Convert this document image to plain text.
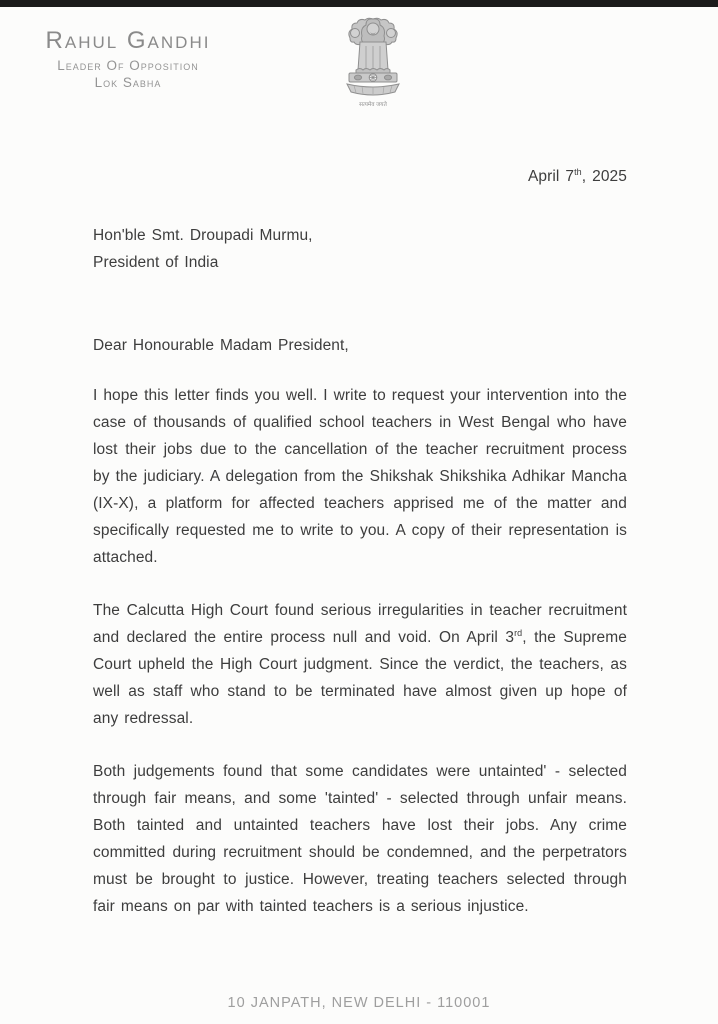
Rahul Gandhi
Leader Of Opposition
Lok Sabha
सत्यमेव जयते
April 7th, 2025
Hon'ble Smt. Droupadi Murmu,
President of India
Dear Honourable Madam President,

I hope this letter finds you well. I write to request your intervention into the case of thousands of qualified school teachers in West Bengal who have lost their jobs due to the cancellation of the teacher recruitment process by the judiciary. A delegation from the Shikshak Shikshika Adhikar Mancha (IX-X), a platform for affected teachers apprised me of the matter and specifically requested me to write to you. A copy of their representation is attached.

The Calcutta High Court found serious irregularities in teacher recruitment and declared the entire process null and void. On April 3rd, the Supreme Court upheld the High Court judgment. Since the verdict, the teachers, as well as staff who stand to be terminated have almost given up hope of any redressal.

Both judgements found that some candidates were untainted' - selected through fair means, and some 'tainted' - selected through unfair means. Both tainted and untainted teachers have lost their jobs. Any crime committed during recruitment should be condemned, and the perpetrators must be brought to justice. However, treating teachers selected through fair means on par with tainted teachers is a serious injustice.

10 JANPATH, NEW DELHI - 110001
